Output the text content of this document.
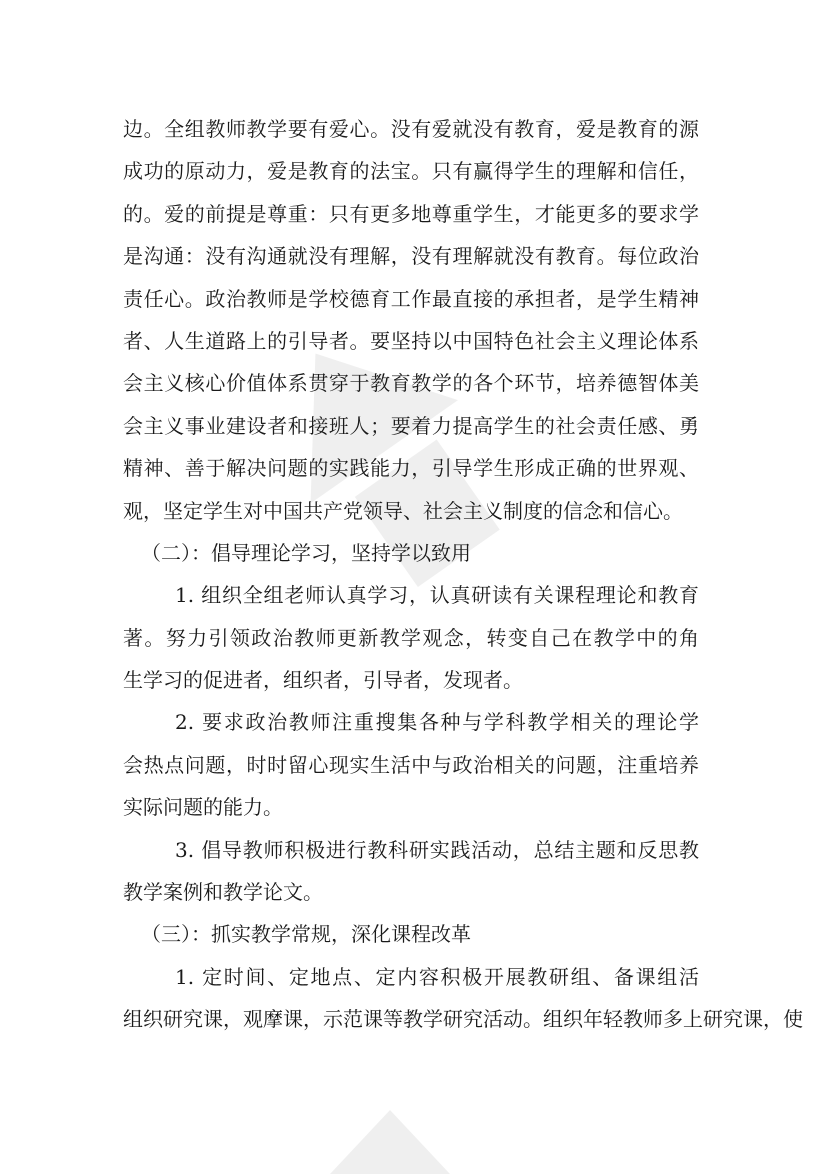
边。全组教师教学要有爱心。没有爱就没有教育，爱是教育的源
成功的原动力，爱是教育的法宝。只有赢得学生的理解和信任，
的。爱的前提是尊重：只有更多地尊重学生，才能更多的要求学
是沟通：没有沟通就没有理解，没有理解就没有教育。每位政治
责任心。政治教师是学校德育工作最直接的承担者，是学生精神
者、人生道路上的引导者。要坚持以中国特色社会主义理论体系
会主义核心价值体系贯穿于教育教学的各个环节，培养德智体美
会主义事业建设者和接班人；要着力提高学生的社会责任感、勇
精神、善于解决问题的实践能力，引导学生形成正确的世界观、
观，坚定学生对中国共产党领导、社会主义制度的信念和信心。
（二）：倡导理论学习，坚持学以致用
1. 组织全组老师认真学习，认真研读有关课程理论和教育
著。努力引领政治教师更新教学观念，转变自己在教学中的角
生学习的促进者，组织者，引导者，发现者。
2. 要求政治教师注重搜集各种与学科教学相关的理论学
会热点问题，时时留心现实生活中与政治相关的问题，注重培养
实际问题的能力。
3. 倡导教师积极进行教科研实践活动，总结主题和反思教
教学案例和教学论文。
（三）：抓实教学常规，深化课程改革
1. 定时间、定地点、定内容积极开展教研组、备课组活
组织研究课，观摩课，示范课等教学研究活动。组织年轻教师多上研究课，使
